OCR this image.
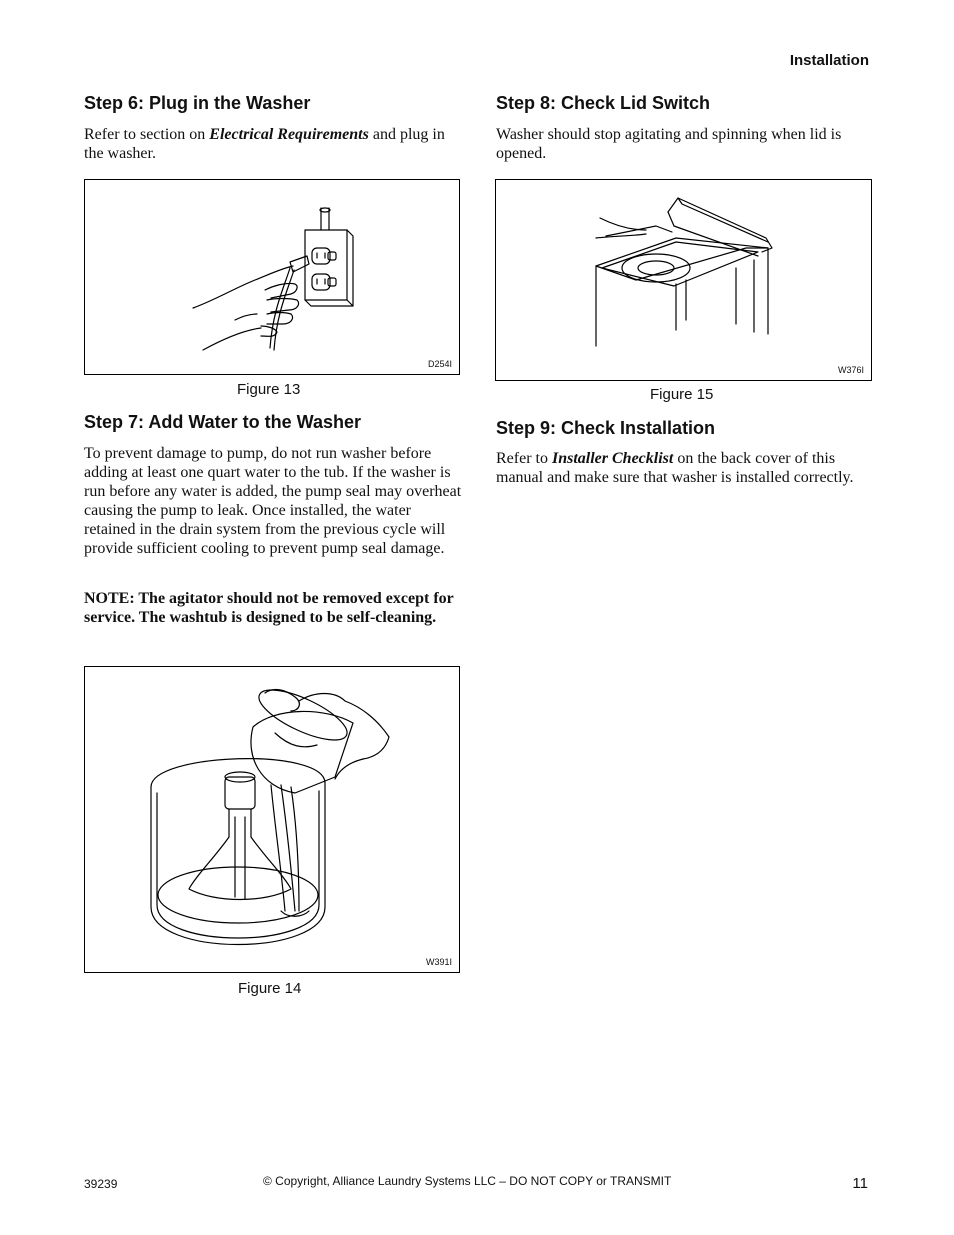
Installation
Step 6: Plug in the Washer

Refer to section on Electrical Requirements and plug in the washer.

D254I
Figure 13
Step 7: Add Water to the Washer

To prevent damage to pump, do not run washer before adding at least one quart water to the tub. If the washer is run before any water is added, the pump seal may overheat causing the pump to leak. Once installed, the water retained in the drain system from the previous cycle will provide sufficient cooling to prevent pump seal damage.

NOTE: The agitator should not be removed except for service. The washtub is designed to be self-cleaning.

W391I
Figure 14
Step 8: Check Lid Switch

Washer should stop agitating and spinning when lid is opened.

W376I
Figure 15
Step 9: Check Installation

Refer to Installer Checklist on the back cover of this manual and make sure that washer is installed correctly.

39239	© Copyright, Alliance Laundry Systems LLC – DO NOT COPY or TRANSMIT	11
